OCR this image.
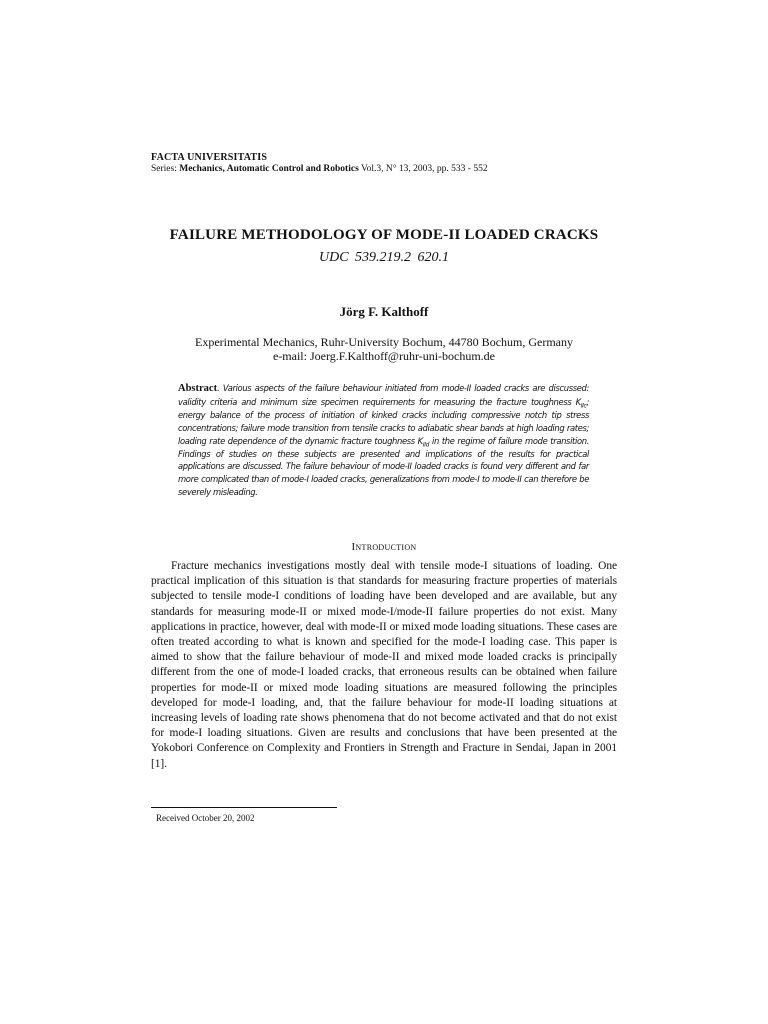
FACTA UNIVERSITATIS
Series: Mechanics, Automatic Control and Robotics Vol.3, N° 13, 2003, pp. 533 - 552
FAILURE METHODOLOGY OF MODE-II LOADED CRACKS
UDC 539.219.2 620.1
Jörg F. Kalthoff
Experimental Mechanics, Ruhr-University Bochum, 44780 Bochum, Germany
e-mail: Joerg.F.Kalthoff@ruhr-uni-bochum.de
Abstract. Various aspects of the failure behaviour initiated from mode-II loaded cracks are discussed: validity criteria and minimum size specimen requirements for measuring the fracture toughness $K_{IIc}$; energy balance of the process of initiation of kinked cracks including compressive notch tip stress concentrations; failure mode transition from tensile cracks to adiabatic shear bands at high loading rates; loading rate dependence of the dynamic fracture toughness $K_{IId}$ in the regime of failure mode transition. Findings of studies on these subjects are presented and implications of the results for practical applications are discussed. The failure behaviour of mode-II loaded cracks is found very different and far more complicated than of mode-I loaded cracks, generalizations from mode-I to mode-II can therefore be severely misleading.
Introduction
Fracture mechanics investigations mostly deal with tensile mode-I situations of loading. One practical implication of this situation is that standards for measuring fracture properties of materials subjected to tensile mode-I conditions of loading have been developed and are available, but any standards for measuring mode-II or mixed mode-I/mode-II failure properties do not exist. Many applications in practice, however, deal with mode-II or mixed mode loading situations. These cases are often treated according to what is known and specified for the mode-I loading case. This paper is aimed to show that the failure behaviour of mode-II and mixed mode loaded cracks is principally different from the one of mode-I loaded cracks, that erroneous results can be obtained when failure properties for mode-II or mixed mode loading situations are measured following the principles developed for mode-I loading, and, that the failure behaviour for mode-II loading situations at increasing levels of loading rate shows phenomena that do not become activated and that do not exist for mode-I loading situations. Given are results and conclusions that have been presented at the Yokobori Conference on Complexity and Frontiers in Strength and Fracture in Sendai, Japan in 2001 [1].
Received October 20, 2002
